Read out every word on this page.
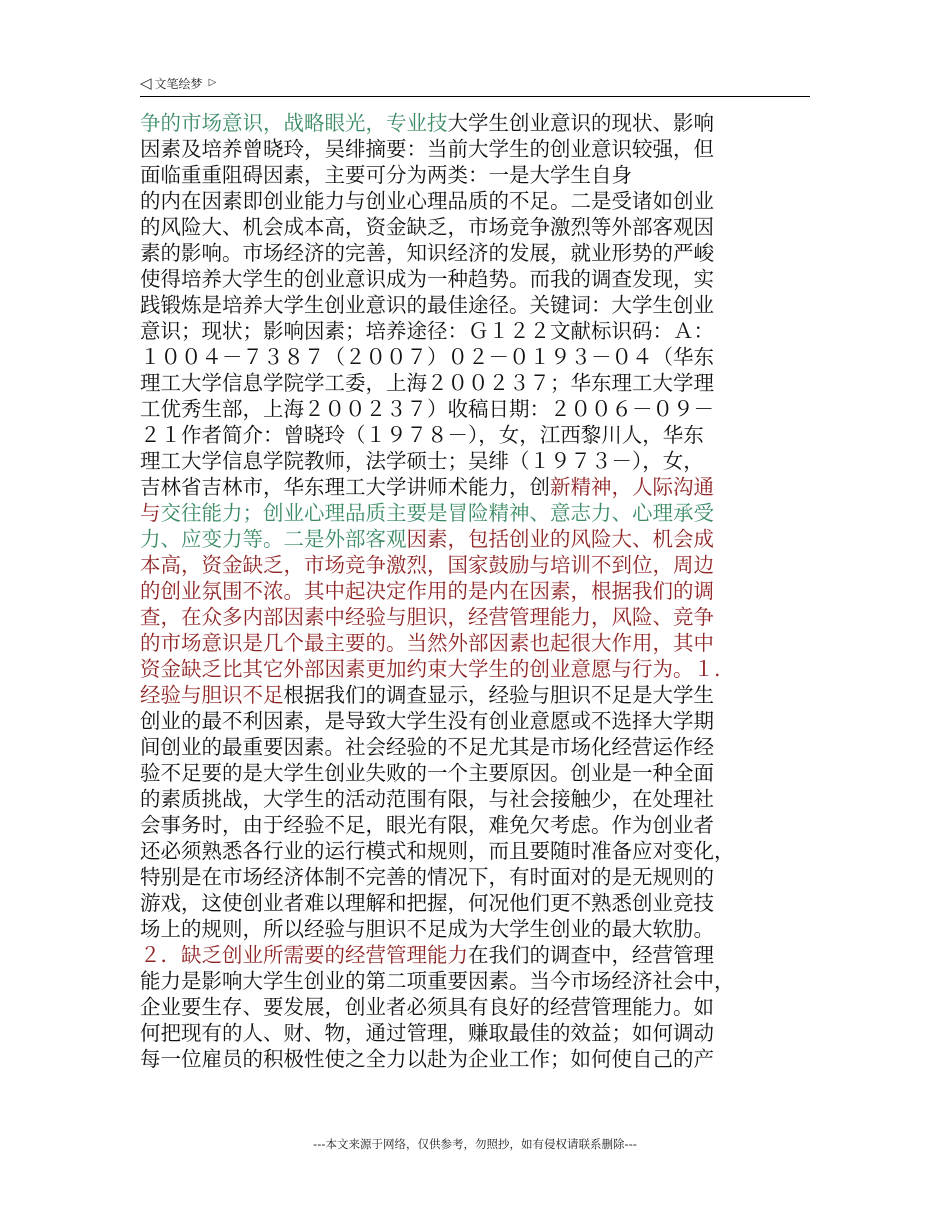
◁ 文笔绘梦 ▷
争的市场意识，战略眼光，专业技大学生创业意识的现状、影响
因素及培养曾晓玲，吴绯摘要：当前大学生的创业意识较强，但
面临重重阻碍因素，主要可分为两类：一是大学生自身
的内在因素即创业能力与创业心理品质的不足。二是受诸如创业
的风险大、机会成本高，资金缺乏，市场竞争激烈等外部客观因
素的影响。市场经济的完善，知识经济的发展，就业形势的严峻
使得培养大学生的创业意识成为一种趋势。而我的调查发现，实
践锻炼是培养大学生创业意识的最佳途径。关键词：大学生创业
意识；现状；影响因素；培养途径：Ｇ１２２文献标识码：Ａ：
１００４－７３８７（２００７）０２－０１９３－０４（华东
理工大学信息学院学工委，上海２００２３７；华东理工大学理
工优秀生部，上海２００２３７）收稿日期：２００６－０９－
２１作者简介：曾晓玲（１９７８－），女，江西黎川人，华东
理工大学信息学院教师，法学硕士；吴绯（１９７３－），女，
吉林省吉林市，华东理工大学讲师术能力，创新精神，人际沟通
与交往能力；创业心理品质主要是冒险精神、意志力、心理承受
力、应变力等。二是外部客观因素，包括创业的风险大、机会成
本高，资金缺乏，市场竞争激烈，国家鼓励与培训不到位，周边
的创业氛围不浓。其中起决定作用的是内在因素，根据我们的调
查，在众多内部因素中经验与胆识，经营管理能力，风险、竞争
的市场意识是几个最主要的。当然外部因素也起很大作用，其中
资金缺乏比其它外部因素更加约束大学生的创业意愿与行为。１.
经验与胆识不足根据我们的调查显示，经验与胆识不足是大学生
创业的最不利因素，是导致大学生没有创业意愿或不选择大学期
间创业的最重要因素。社会经验的不足尤其是市场化经营运作经
验不足要的是大学生创业失败的一个主要原因。创业是一种全面
的素质挑战，大学生的活动范围有限，与社会接触少，在处理社
会事务时，由于经验不足，眼光有限，难免欠考虑。作为创业者
还必须熟悉各行业的运行模式和规则，而且要随时准备应对变化，
特别是在市场经济体制不完善的情况下，有时面对的是无规则的
游戏，这使创业者难以理解和把握，何况他们更不熟悉创业竞技
场上的规则，所以经验与胆识不足成为大学生创业的最大软肋。
２．缺乏创业所需要的经营管理能力在我们的调查中，经营管理
能力是影响大学生创业的第二项重要因素。当今市场经济社会中，
企业要生存、要发展，创业者必须具有良好的经营管理能力。如
何把现有的人、财、物，通过管理，赚取最佳的效益；如何调动
每一位雇员的积极性使之全力以赴为企业工作；如何使自己的产
---本文来源于网络，仅供参考，勿照抄，如有侵权请联系删除---
